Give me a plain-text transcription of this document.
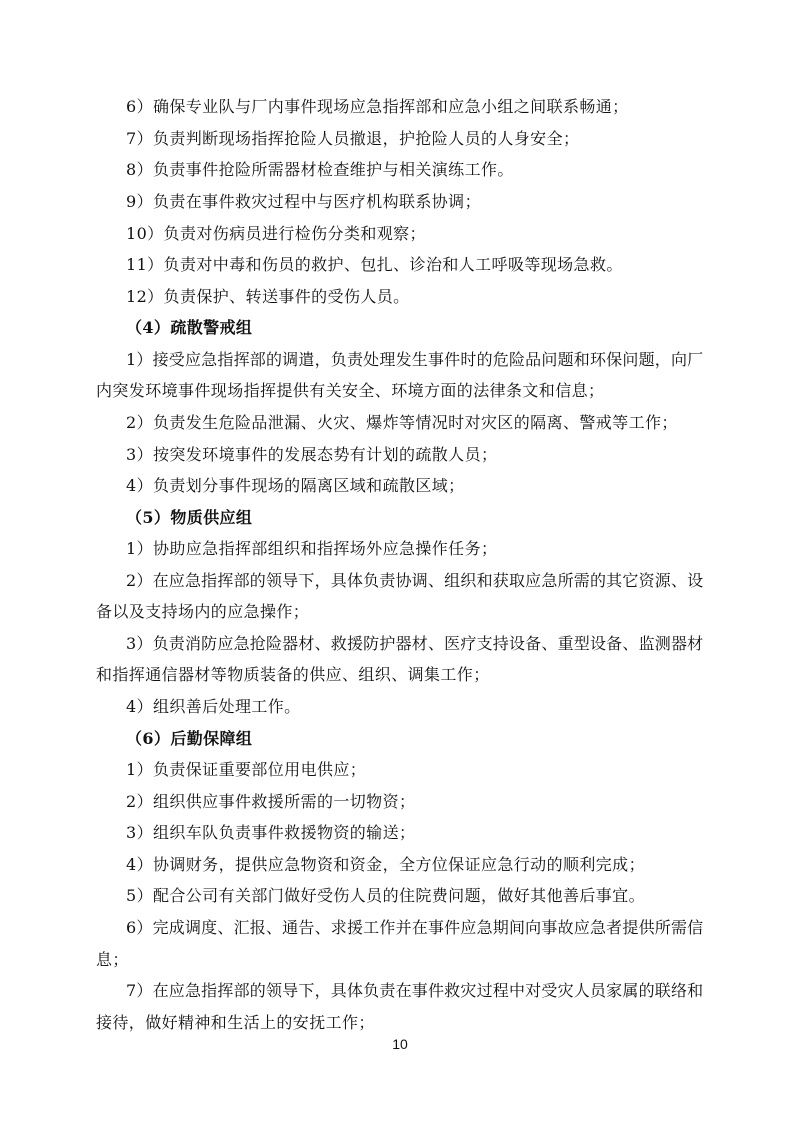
6）确保专业队与厂内事件现场应急指挥部和应急小组之间联系畅通；
7）负责判断现场指挥抢险人员撤退，护抢险人员的人身安全；
8）负责事件抢险所需器材检查维护与相关演练工作。
9）负责在事件救灾过程中与医疗机构联系协调；
10）负责对伤病员进行检伤分类和观察；
11）负责对中毒和伤员的救护、包扎、诊治和人工呼吸等现场急救。
12）负责保护、转送事件的受伤人员。
（4）疏散警戒组
1）接受应急指挥部的调遣，负责处理发生事件时的危险品问题和环保问题，向厂
内突发环境事件现场指挥提供有关安全、环境方面的法律条文和信息；
2）负责发生危险品泄漏、火灾、爆炸等情况时对灾区的隔离、警戒等工作；
3）按突发环境事件的发展态势有计划的疏散人员；
4）负责划分事件现场的隔离区域和疏散区域；
（5）物质供应组
1）协助应急指挥部组织和指挥场外应急操作任务；
2）在应急指挥部的领导下，具体负责协调、组织和获取应急所需的其它资源、设
备以及支持场内的应急操作；
3）负责消防应急抢险器材、救援防护器材、医疗支持设备、重型设备、监测器材
和指挥通信器材等物质装备的供应、组织、调集工作；
4）组织善后处理工作。
（6）后勤保障组
1）负责保证重要部位用电供应；
2）组织供应事件救援所需的一切物资；
3）组织车队负责事件救援物资的输送；
4）协调财务，提供应急物资和资金，全方位保证应急行动的顺利完成；
5）配合公司有关部门做好受伤人员的住院费问题，做好其他善后事宜。
6）完成调度、汇报、通告、求援工作并在事件应急期间向事故应急者提供所需信
息；
7）在应急指挥部的领导下，具体负责在事件救灾过程中对受灾人员家属的联络和
接待，做好精神和生活上的安抚工作；
10
